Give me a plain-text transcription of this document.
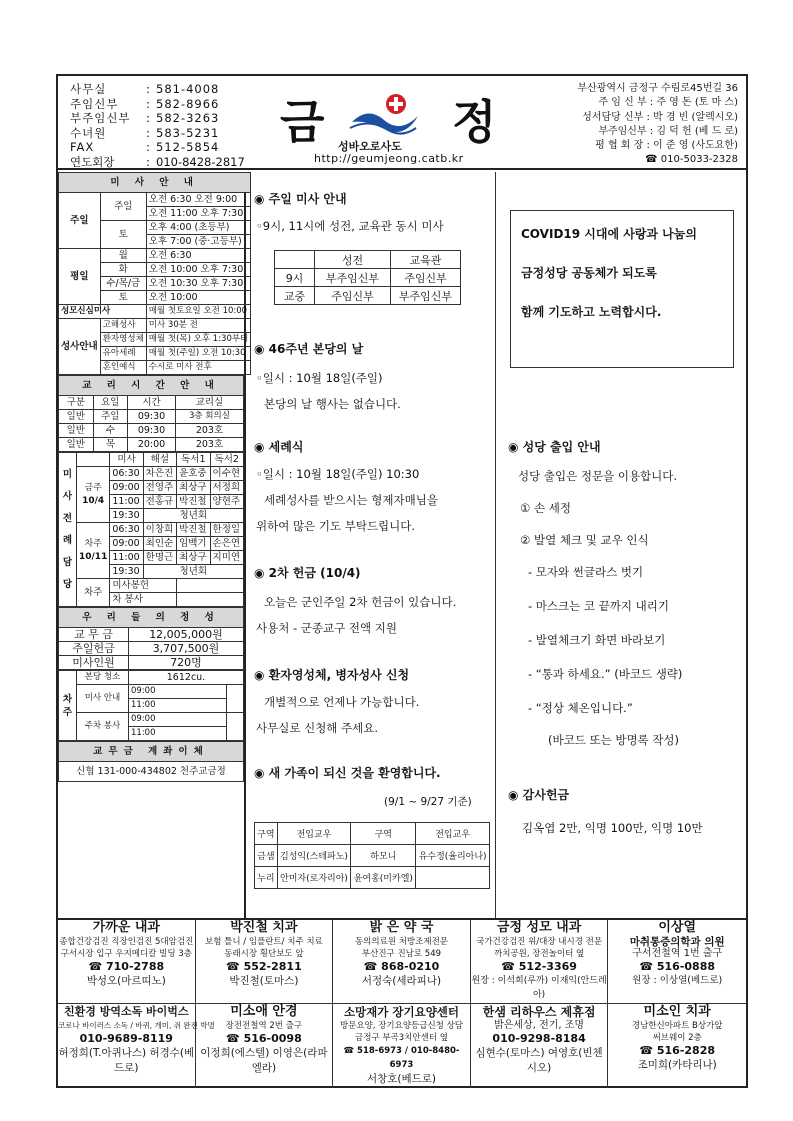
사무실	: 581-4008
주임신부	: 582-8966
부주임신부	: 582-3263
수녀원	: 583-5231
FAX	: 512-5854
연도회장	: 010-8428-2817
금 성바오로사도 정
http://geumjeong.catb.kr
부산광역시 금정구 수림로45번길 36
주 임 신 부 : 주 영 돈 (토 마 스)
성서담당 신부 : 박 경 빈 (알렉시오)
부주임신부 : 김 덕 헌 (베 드 로)
평 협 회 장 : 이 준 영 (사도요한)
☎ 010-5033-2328
미 사 안 내		
주일	주일	오전 6:30 오전 9:00
		오전 11:00 오후 7:30
	토	오후 4:00 (초등부)
		오후 7:00 (중·고등부)
평일	월	오전 6:30
	화	오전 10:00 오후 7:30
	수/목/금	오전 10:30 오후 7:30
	토	오전 10:00
성모신심미사		매월 첫토요일 오전 10:00
성사안내	고해성사	미사 30분 전
	환자영성체	매월 첫(목) 오후 1:30부터
	유아세례	매월 첫(주일) 오전 10:30
	혼인예식	수시로 미사 전후
교 리 시 간 안 내			
구분	요일	시간	교리실
일반	주일	09:30	3층 회의실
일반	수	09:30	203호
일반	목	20:00	203호
미사전례담당		미사	해설	독서1	독서2
	금주
10/4	06:30	차은진	윤호중	이수현
		09:00	전영주	최상구	서정희
		11:00	전홍규	박진철	양현주
		19:30	청년회		
	차주
10/11	06:30	이창희	박진철	한정일
		09:00	최인순	임백기	손은연
		11:00	한명근	최상구	지미연
		19:30	청년회		
	차주	미사봉헌			
		차 봉사			
우 리 들 의 정 성	
교 무 금	12,005,000원
주일헌금	3,707,500원
미사인원	720명
차주	본당 청소	1612cu.	
	미사 안내	09:00	
		11:00	
	주차 봉사	09:00	
		11:00	
교무금 계좌이체
신협 131-000-434802 천주교금정
◉ 주일 미사 안내
◦9시, 11시에 성전, 교육관 동시 미사
	성전	교육관
9시	부주임신부	주임신부
교중	주임신부	부주임신부
◉ 46주년 본당의 날
◦일시 : 10월 18일(주일)
본당의 날 행사는 없습니다.
◉ 세례식
◦일시 : 10월 18일(주일) 10:30
세례성사를 받으시는 형제자매님을
위하여 많은 기도 부탁드립니다.
◉ 2차 헌금 (10/4)
오늘은 군인주일 2차 헌금이 있습니다.
사용처 - 군종교구 전액 지원
◉ 환자영성체, 병자성사 신청
개별적으로 언제나 가능합니다.
사무실로 신청해 주세요.
◉ 새 가족이 되신 것을 환영합니다.
(9/1 ~ 9/27 기준)
구역	전입교우	구역	전입교우
금샘	김성익(스테파노)	하모니	유수정(율리아나)
누리	안미자(로자리아)	윤여홍(미카엘)	
COVID19 시대에 사랑과 나눔의
금정성당 공동체가 되도록
함께 기도하고 노력합시다.
◉ 성당 출입 안내
성당 출입은 정문을 이용합니다.
① 손 세정
② 발열 체크 및 교우 인식
- 모자와 썬글라스 벗기
- 마스크는 코 끝까지 내리기
- 발열체크기 화면 바라보기
- “통과 하세요.” (바코드 생략)
- “정상 체온입니다.”
(바코드 또는 방명록 작성)
◉ 감사헌금
김옥엽 2만, 익명 100만, 익명 10만
가까운 내과
종합건강검진 직장인검진 5대암검진
구서시장 입구 우지메디칼 빌딩 3층
☎ 710-2788
박성오(마르띠노)
박진철 치과
보험 틀니 / 임플란트/ 치주 치료
동래시장 횡단보도 앞
☎ 552-2811
박진철(토마스)
밝 은 약 국
동의의료원 처방조제전문
부산진구 진남로 549
☎ 868-0210
서정숙(세라피나)
금정 성모 내과
국가건강검진 위/대장 내시경 전문
까치공원, 장전놀이터 옆
☎ 512-3369
원장 : 이석희(루까) 이재익(안드레아)
이상열
마취통증의학과 의원
구서전철역 1번 출구
☎ 516-0888
원장 : 이상열(베드로)
친환경 방역소독 바이벅스
코로나 바이러스 소독 / 바퀴, 개미, 쥐 완전 박멸
010-9689-8119
허정희(T.아퀴나스) 허경수(베드로)
미소애 안경
장전전철역 2번 출구
☎ 516-0098
이정희(에스텔) 이영은(라파엘라)
소망재가 장기요양센터
방문요양, 장기요양등급신청 상담
금정구 부곡3치안센터 옆
☎ 518-6973 / 010-8480-6973
서창호(베드로)
한샘 리하우스 제휴점
밝은세상, 전기, 조명
010-9298-8184
심현수(토마스) 여영호(빈첸시오)
미소인 치과
경남한신아파트 B상가앞
써브웨이 2층
☎ 516-2828
조미희(카타리나)
